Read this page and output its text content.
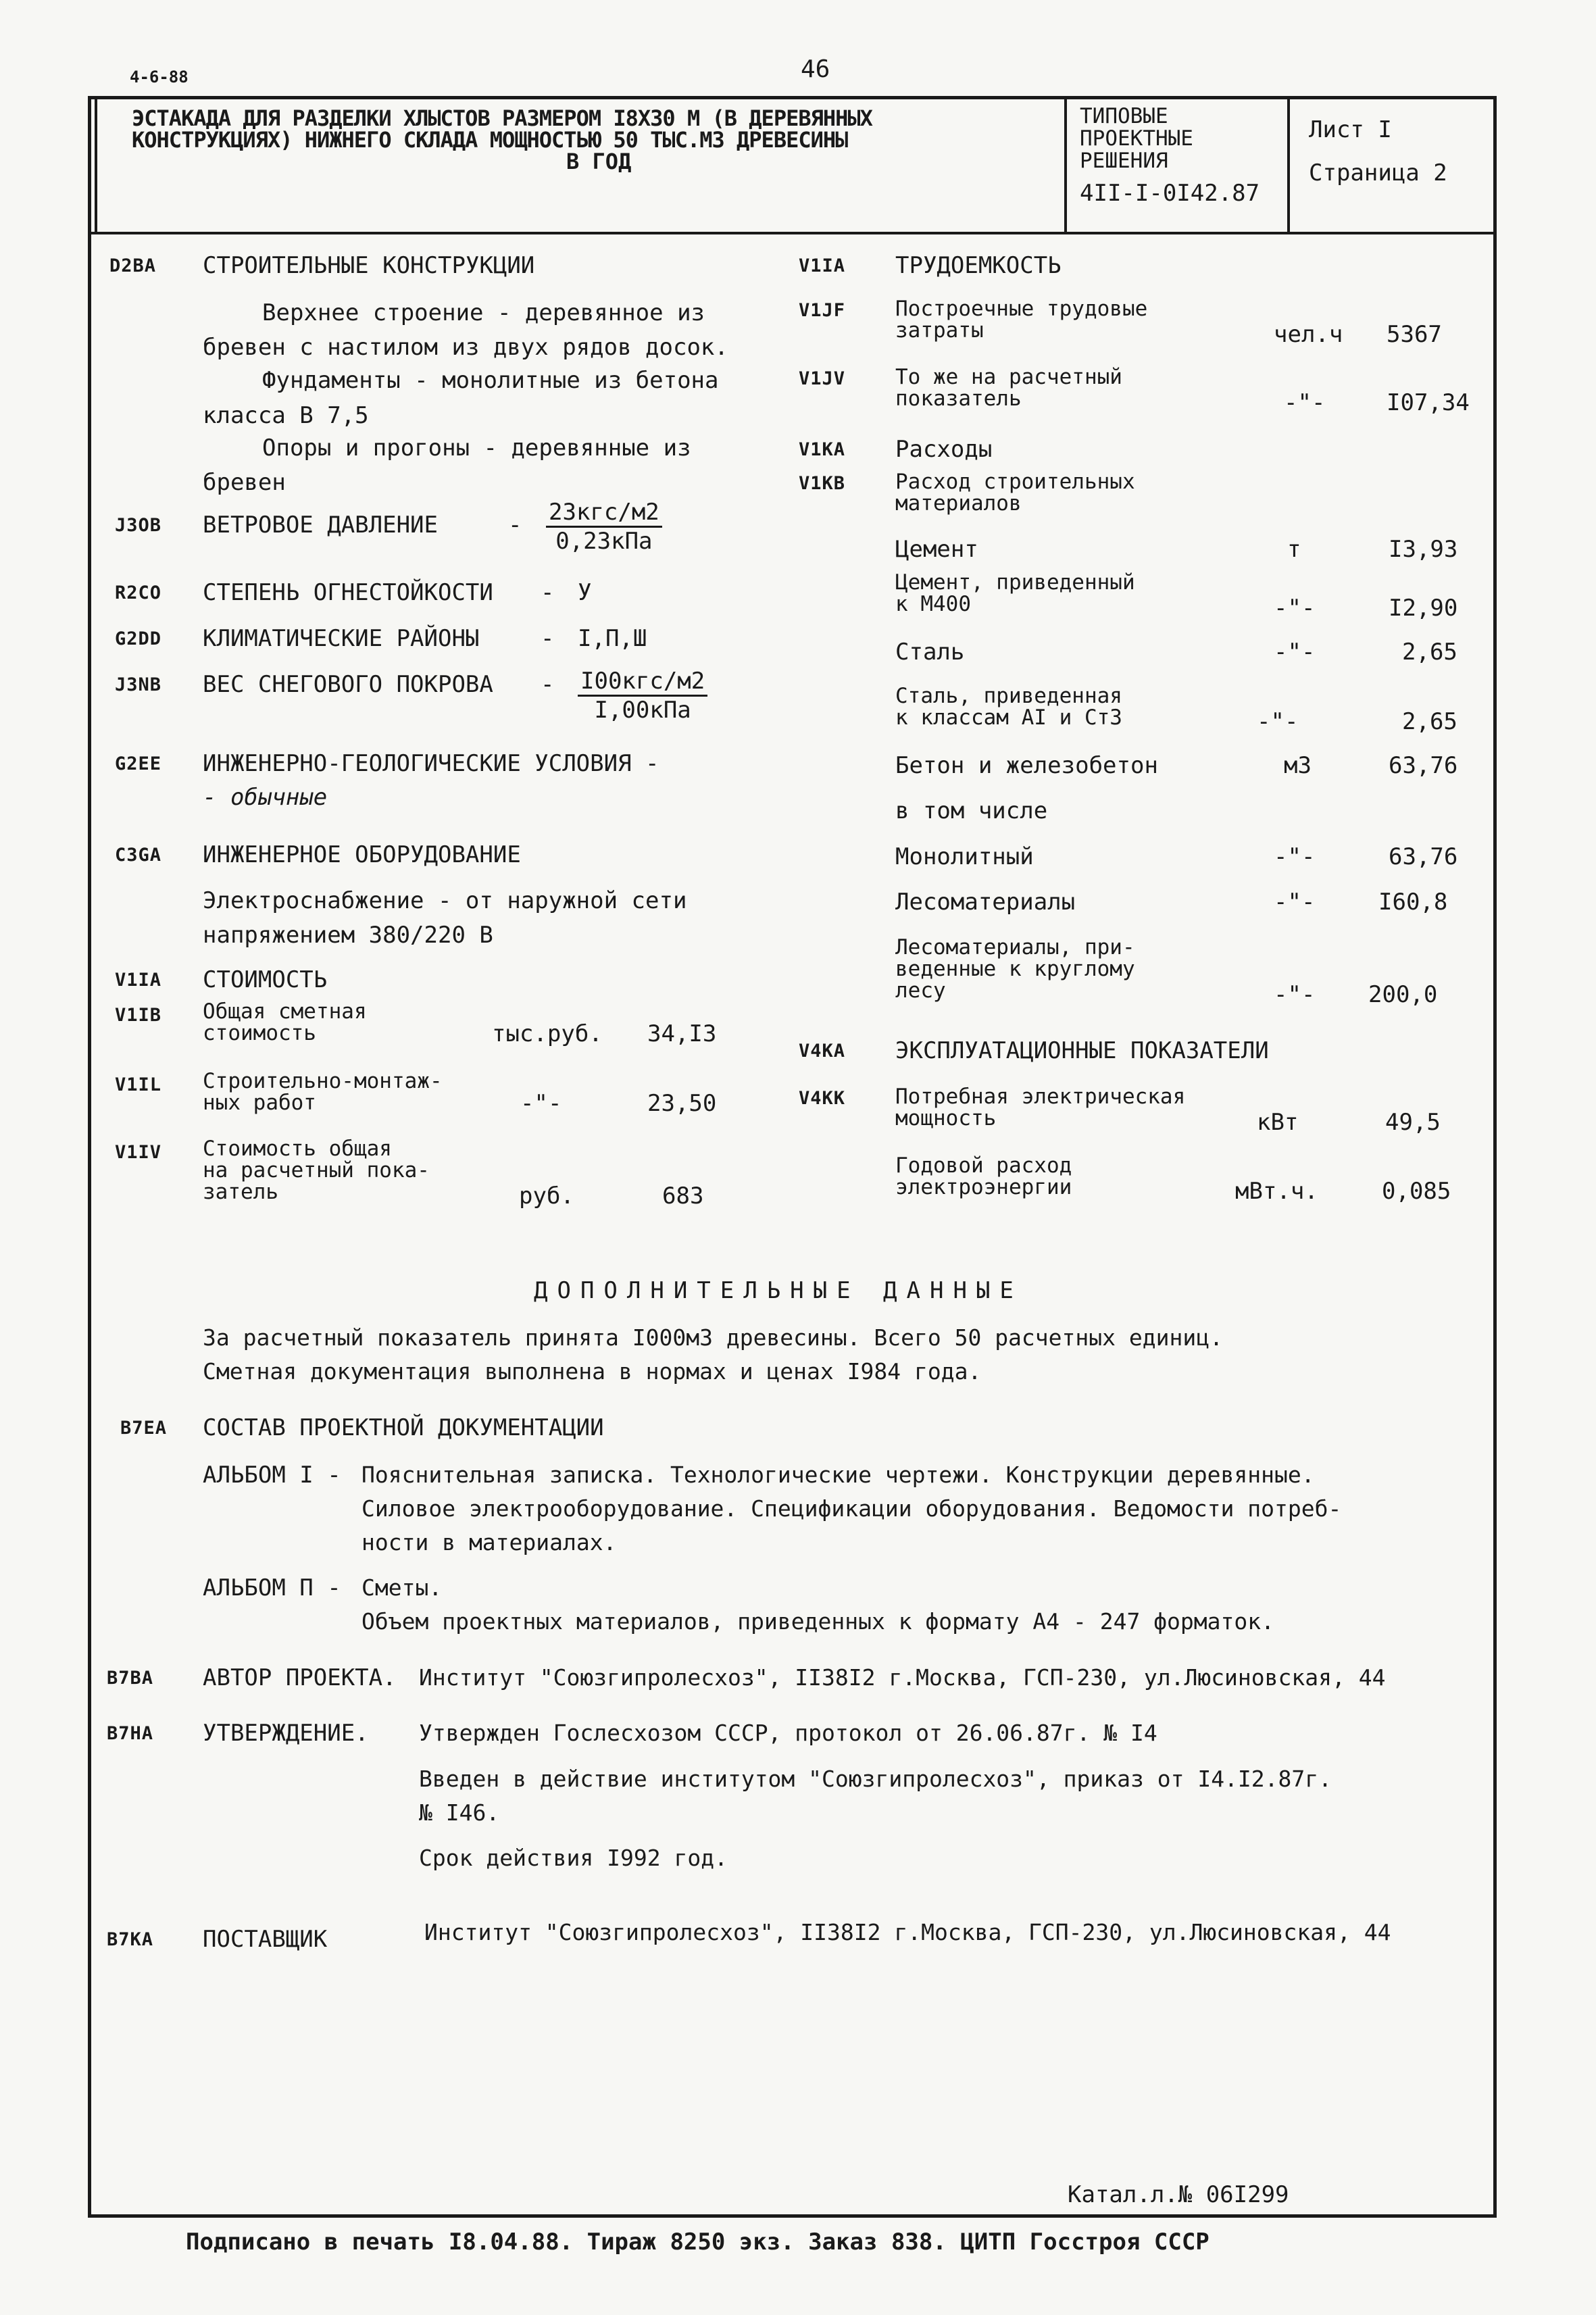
4-6-88	46
ЭСТАКАДА ДЛЯ РАЗДЕЛКИ ХЛЫСТОВ РАЗМЕРОМ I8X30 М (В ДЕРЕВЯННЫХ
КОНСТРУКЦИЯХ) НИЖНЕГО СКЛАДА МОЩНОСТЬЮ 50 ТЫС.М3 ДРЕВЕСИНЫ
В ГОД
ТИПОВЫЕ
ПРОЕКТНЫЕ
РЕШЕНИЯ
4II-I-0I42.87
Лист I
Страница 2
D2BA СТРОИТЕЛЬНЫЕ КОНСТРУКЦИИ
Верхнее строение - деревянное из
бревен с настилом из двух рядов досок.
Фундаменты - монолитные из бетона
класса В 7,5
Опоры и прогоны - деревянные из
бревен
J3OB ВЕТРОВОЕ ДАВЛЕНИЕ	- 23кгс/м2
0,23кПа
R2CO СТЕПЕНЬ ОГНЕСТОЙКОСТИ - У
G2DD КЛИМАТИЧЕСКИЕ РАЙОНЫ	- I,П,Ш
J3NB ВЕС СНЕГОВОГО ПОКРОВА - I00кгс/м2
I,00кПа
G2EE ИНЖЕНЕРНО-ГЕОЛОГИЧЕСКИЕ УСЛОВИЯ -
- обычные
C3GA ИНЖЕНЕРНОЕ ОБОРУДОВАНИЕ
Электроснабжение - от наружной сети
напряжением 380/220 В
V1IA СТОИМОСТЬ
V1IB Общая сметная
стоимость	тыс.руб. 34,I3
V1IL Строительно-монтаж-
ных работ	-"-	23,50
V1IV Стоимость общая
на расчетный пока-
затель	руб.	683
V1IA ТРУДОЕМКОСТЬ
V1JF Построечные трудовые
затраты	чел.ч 5367
V1JV То же на расчетный
показатель	-"-	I07,34
V1KA Расходы
V1KB Расход строительных
материалов
Цемент	т	I3,93
Цемент, приведенный
к М400	-"-	I2,90
Сталь	-"-	2,65
Сталь, приведенная
к классам АI и Ст3	-"-	2,65
Бетон и железобетон	м3	63,76
в том числе
Монолитный	-"-	63,76
Лесоматериалы	-"-	I60,8
Лесоматериалы, при-
веденные к круглому
лесу	-"- 200,0
V4KA ЭКСПЛУАТАЦИОННЫЕ ПОКАЗАТЕЛИ
V4KK Потребная электрическая
мощность	кВт	49,5
Годовой расход
электроэнергии	мВт.ч.	0,085
ДОПОЛНИТЕЛЬНЫЕ ДАННЫЕ
За расчетный показатель принята I000м3 древесины. Всего 50 расчетных единиц.
Сметная документация выполнена в нормах и ценах I984 года.
B7EA СОСТАВ ПРОЕКТНОЙ ДОКУМЕНТАЦИИ
АЛЬБОМ I - Пояснительная записка. Технологические чертежи. Конструкции деревянные.
Силовое электрооборудование. Спецификации оборудования. Ведомости потреб-
ности в материалах.
АЛЬБОМ П - Сметы.
Объем проектных материалов, приведенных к формату А4 - 247 форматок.
B7BA АВТОР ПРОЕКТА. Институт "Союзгипролесхоз", II38I2 г.Москва, ГСП-230, ул.Люсиновская, 44
B7HA УТВЕРЖДЕНИЕ. Утвержден Гослесхозом СССР, протокол от 26.06.87г. № I4
Введен в действие институтом "Союзгипролесхоз", приказ от I4.I2.87г.
№ I46.
Срок действия I992 год.
B7KA ПОСТАВЩИК	Институт "Союзгипролесхоз", II38I2 г.Москва, ГСП-230, ул.Люсиновская, 44
Катал.л.№ 06I299
Подписано в печать I8.04.88. Тираж 8250 экз. Заказ 838. ЦИТП Госстроя СССР
